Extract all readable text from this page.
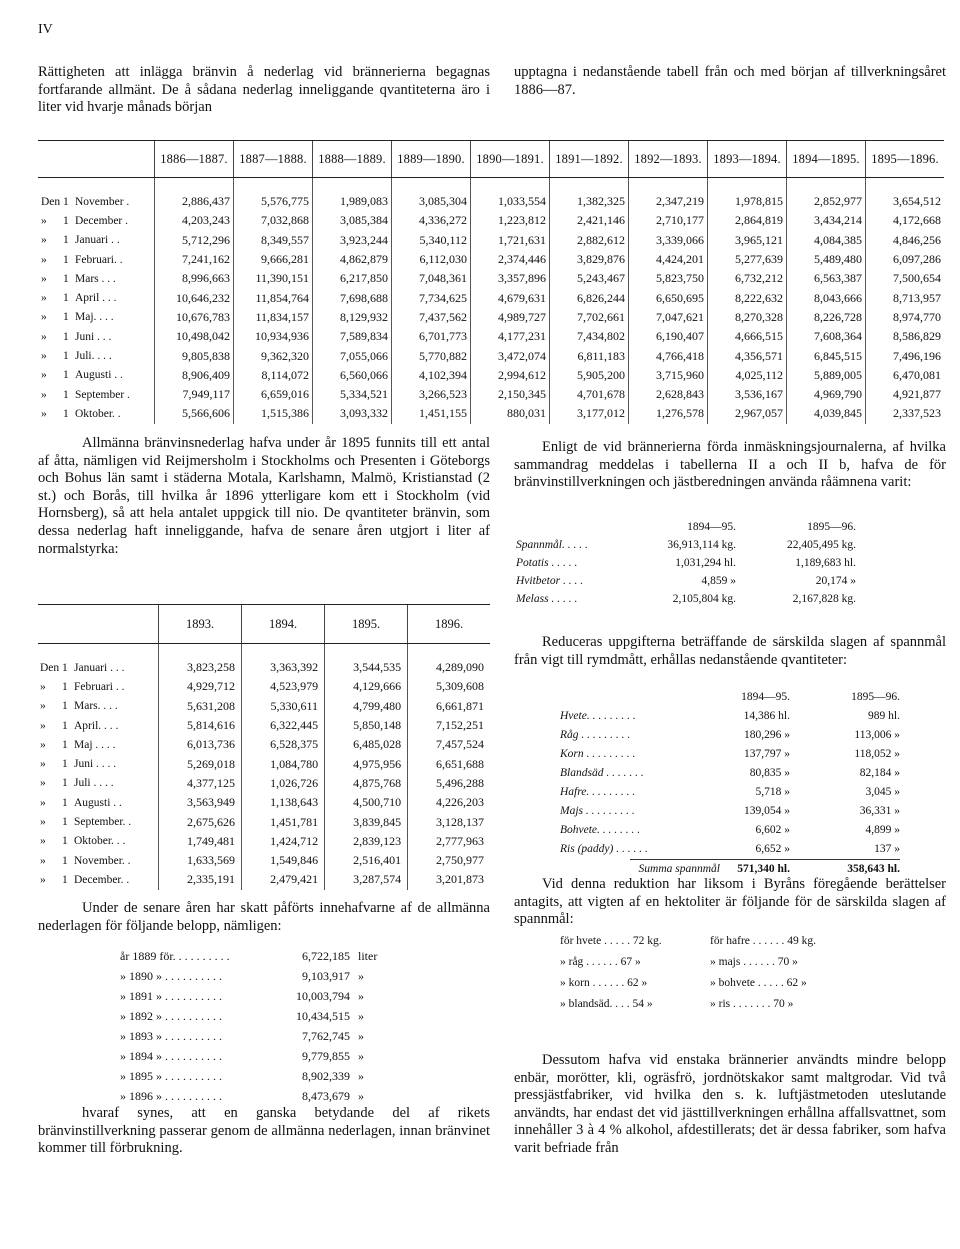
IV

Rättigheten att inlägga bränvin å nederlag vid brännerierna begagnas fortfarande allmänt. De å sådana nederlag inneliggande qvantiteterna äro i liter vid hvarje månads början

upptagna i nedanstående tabell från och med början af tillverkningsåret 1886—87.

	1886—1887.	1887—1888.	1888—1889.	1889—1890.	1890—1891.	1891—1892.	1892—1893.	1893—1894.	1894—1895.	1895—1896.
Den 1 November .	2,886,437	5,576,775	1,989,083	3,085,304	1,033,554	1,382,325	2,347,219	1,978,815	2,852,977	3,654,512
» 1 December .	4,203,243	7,032,868	3,085,384	4,336,272	1,223,812	2,421,146	2,710,177	2,864,819	3,434,214	4,172,668
» 1 Januari . .	5,712,296	8,349,557	3,923,244	5,340,112	1,721,631	2,882,612	3,339,066	3,965,121	4,084,385	4,846,256
» 1 Februari. .	7,241,162	9,666,281	4,862,879	6,112,030	2,374,446	3,829,876	4,424,201	5,277,639	5,489,480	6,097,286
» 1 Mars . . .	8,996,663	11,390,151	6,217,850	7,048,361	3,357,896	5,243,467	5,823,750	6,732,212	6,563,387	7,500,654
» 1 April . . .	10,646,232	11,854,764	7,698,688	7,734,625	4,679,631	6,826,244	6,650,695	8,222,632	8,043,666	8,713,957
» 1 Maj. . . .	10,676,783	11,834,157	8,129,932	7,437,562	4,989,727	7,702,661	7,047,621	8,270,328	8,226,728	8,974,770
» 1 Juni . . .	10,498,042	10,934,936	7,589,834	6,701,773	4,177,231	7,434,802	6,190,407	4,666,515	7,608,364	8,586,829
» 1 Juli. . . .	9,805,838	9,362,320	7,055,066	5,770,882	3,472,074	6,811,183	4,766,418	4,356,571	6,845,515	7,496,196
» 1 Augusti . .	8,906,409	8,114,072	6,560,066	4,102,394	2,994,612	5,905,200	3,715,960	4,025,112	5,889,005	6,470,081
» 1 September .	7,949,117	6,659,016	5,334,521	3,266,523	2,150,345	4,701,678	2,628,843	3,536,167	4,969,790	4,921,877
» 1 Oktober. .	5,566,606	1,515,386	3,093,332	1,451,155	880,031	3,177,012	1,276,578	2,967,057	4,039,845	2,337,523

Allmänna bränvinsnederlag hafva under år 1895 funnits till ett antal af åtta, nämligen vid Reijmersholm i Stockholms och Presenten i Göteborgs och Bohus län samt i städerna Motala, Karlshamn, Malmö, Kristianstad (2 st.) och Borås, till hvilka år 1896 ytterligare kom ett i Stockholm (vid Hornsberg), så att hela antalet uppgick till nio. De qvantiteter bränvin, som dessa nederlag haft inneliggande, hafva de senare åren utgjort i liter af normalstyrka:

	1893.	1894.	1895.	1896.
Den 1 Januari . . .	3,823,258	3,363,392	3,544,535	4,289,090
» 1 Februari . .	4,929,712	4,523,979	4,129,666	5,309,608
» 1 Mars. . . .	5,631,208	5,330,611	4,799,480	6,661,871
» 1 April. . . .	5,814,616	6,322,445	5,850,148	7,152,251
» 1 Maj . . . .	6,013,736	6,528,375	6,485,028	7,457,524
» 1 Juni . . . .	5,269,018	1,084,780	4,975,956	6,651,688
» 1 Juli . . . .	4,377,125	1,026,726	4,875,768	5,496,288
» 1 Augusti . .	3,563,949	1,138,643	4,500,710	4,226,203
» 1 September. .	2,675,626	1,451,781	3,839,845	3,128,137
» 1 Oktober. . .	1,749,481	1,424,712	2,839,123	2,777,963
» 1 November. .	1,633,569	1,549,846	2,516,401	2,750,977
» 1 December. .	2,335,191	2,479,421	3,287,574	3,201,873

Under de senare åren har skatt påförts innehafvarne af de allmänna nederlagen för följande belopp, nämligen:

år 1889 för. . . . . . . . . .	6,722,185 liter
» 1890 » . . . . . . . . . .	9,103,917 »
» 1891 » . . . . . . . . . .	10,003,794 »
» 1892 » . . . . . . . . . .	10,434,515 »
» 1893 » . . . . . . . . . .	7,762,745 »
» 1894 » . . . . . . . . . .	9,779,855 »
» 1895 » . . . . . . . . . .	8,902,339 »
» 1896 » . . . . . . . . . .	8,473,679 »

hvaraf synes, att en ganska betydande del af rikets bränvinstillverkning passerar genom de allmänna nederlagen, innan bränvinet kommer till förbrukning.

Enligt de vid brännerierna förda inmäskningsjournalerna, af hvilka sammandrag meddelas i tabellerna II a och II b, hafva de för bränvinstillverkningen och jästberedningen använda råämnena varit:

1894—95.	1895—96.
Spannmål. . . . .	36,913,114 kg.	22,405,495 kg.
Potatis . . . . .	1,031,294 hl.	1,189,683 hl.
Hvitbetor . . . .	4,859 »	20,174 »
Melass . . . . .	2,105,804 kg.	2,167,828 kg.

Reduceras uppgifterna beträffande de särskilda slagen af spannmål från vigt till rymdmått, erhållas nedanstående qvantiteter:

1894—95.	1895—96.
Hvete. . . . . . . . .	14,386 hl.	989 hl.
Råg . . . . . . . . .	180,296 »	113,006 »
Korn . . . . . . . . .	137,797 »	118,052 »
Blandsäd . . . . . . .	80,835 »	82,184 »
Hafre. . . . . . . . .	5,718 »	3,045 »
Majs . . . . . . . . .	139,054 »	36,331 »
Bohvete. . . . . . . .	6,602 »	4,899 »
Ris (paddy) . . . . . .	6,652 »	137 »
Summa spannmål	571,340 hl.	358,643 hl.

Vid denna reduktion har liksom i Byråns föregående berättelser antagits, att vigten af en hektoliter är följande för de särskilda slagen af spannmål:

för hvete . . . . . 72 kg.	för hafre . . . . . . 49 kg.
» råg . . . . . . 67 »	» majs . . . . . . 70 »
» korn . . . . . . 62 »	» bohvete . . . . . 62 »
» blandsäd. . . . 54 »	» ris . . . . . . . 70 »

Dessutom hafva vid enstaka brännerier användts mindre belopp enbär, morötter, kli, ogräsfrö, jordnötskakor samt maltgrodar. Vid två pressjästfabriker, vid hvilka den s. k. luftjästmetoden uteslutande användts, har endast det vid jästtillverkningen erhållna affallsvattnet, som innehåller 3 à 4 % alkohol, afdestillerats; det är dessa fabriker, som hafva varit befriade från
